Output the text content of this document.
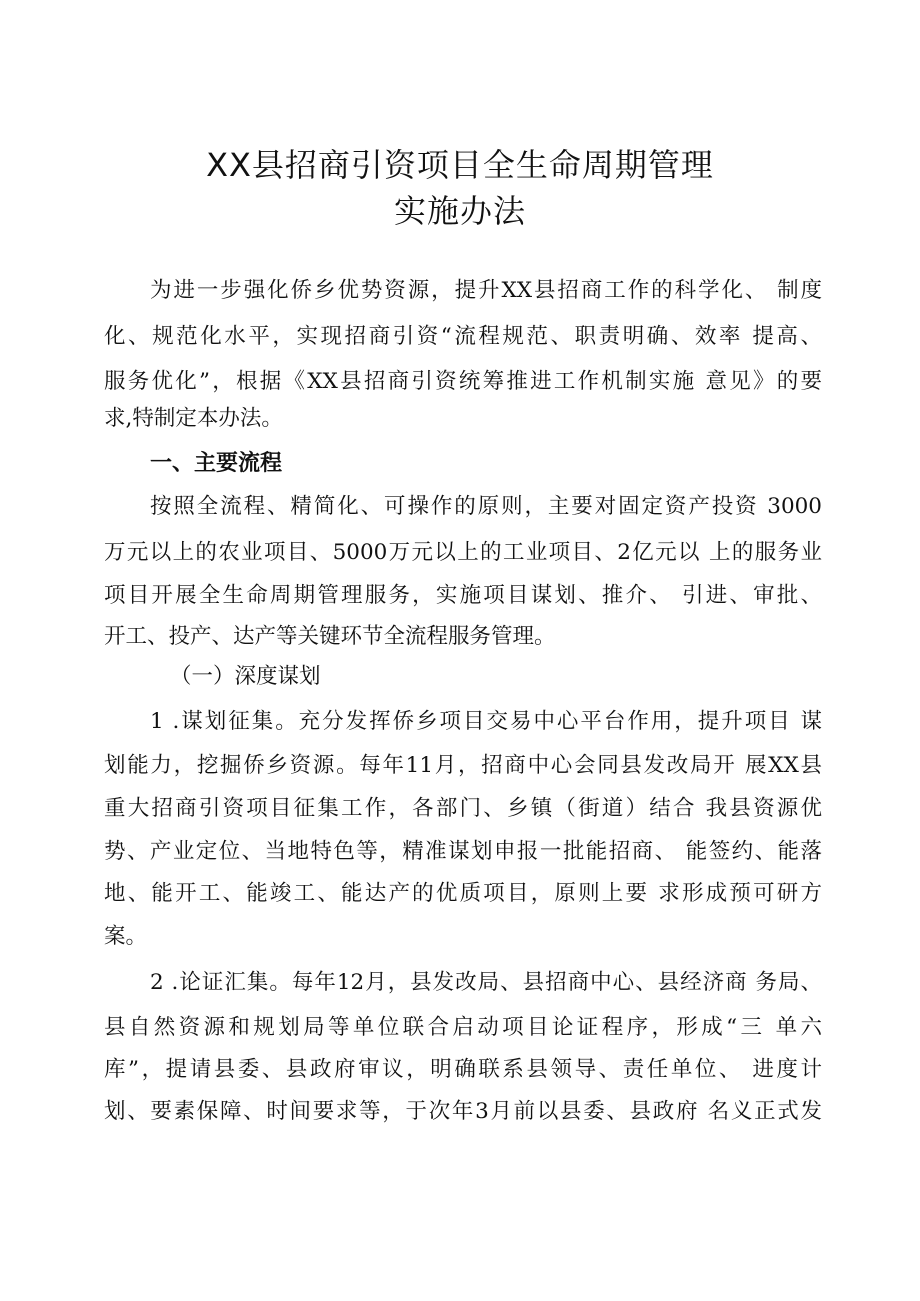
XX县招商引资项目全生命周期管理
实施办法
为进一步强化侨乡优势资源，提升XX县招商工作的科学化、 制度
化、规范化水平，实现招商引资“流程规范、职责明确、效率 提高、
服务优化”，根据《XX县招商引资统筹推进工作机制实施 意见》的要
求,特制定本办法。
一、主要流程
按照全流程、精简化、可操作的原则，主要对固定资产投资 3000
万元以上的农业项目、5000万元以上的工业项目、2亿元以 上的服务业
项目开展全生命周期管理服务，实施项目谋划、推介、 引进、审批、
开工、投产、达产等关键环节全流程服务管理。
（一）深度谋划
1 .谋划征集。充分发挥侨乡项目交易中心平台作用，提升项目 谋
划能力，挖掘侨乡资源。每年11月，招商中心会同县发改局开 展XX县
重大招商引资项目征集工作，各部门、乡镇（街道）结合 我县资源优
势、产业定位、当地特色等，精准谋划申报一批能招商、 能签约、能落
地、能开工、能竣工、能达产的优质项目，原则上要 求形成预可研方
案。
2 .论证汇集。每年12月，县发改局、县招商中心、县经济商 务局、
县自然资源和规划局等单位联合启动项目论证程序，形成“三 单六
库”，提请县委、县政府审议，明确联系县领导、责任单位、 进度计
划、要素保障、时间要求等，于次年3月前以县委、县政府 名义正式发
